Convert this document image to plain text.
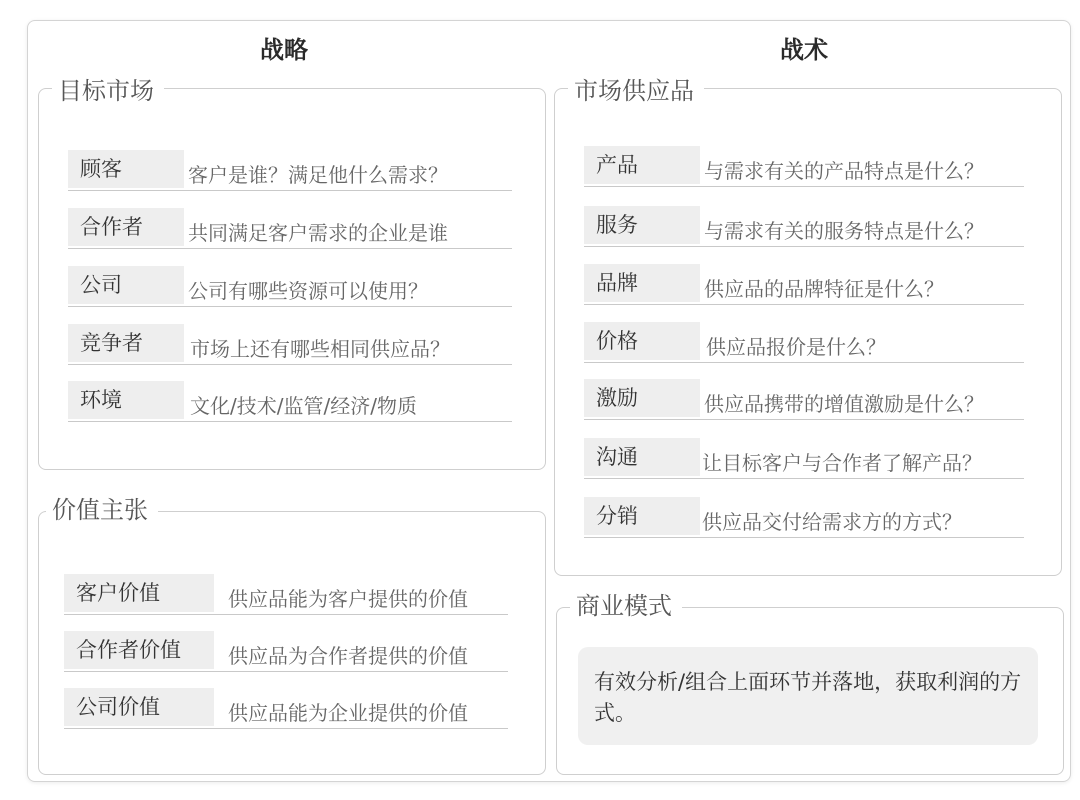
战略	战术
目标市场
顾客	客户是谁？满足他什么需求？
合作者	共同满足客户需求的企业是谁
公司	公司有哪些资源可以使用？
竞争者	市场上还有哪些相同供应品？
环境	文化/技术/监管/经济/物质
价值主张
客户价值	供应品能为客户提供的价值
合作者价值	供应品为合作者提供的价值
公司价值	供应品能为企业提供的价值
市场供应品
产品	与需求有关的产品特点是什么？
服务	与需求有关的服务特点是什么？
品牌	供应品的品牌特征是什么？
价格	供应品报价是什么？
激励	供应品携带的增值激励是什么？
沟通	让目标客户与合作者了解产品？
分销	供应品交付给需求方的方式？
商业模式
有效分析/组合上面环节并落地，获取利润的方式。
